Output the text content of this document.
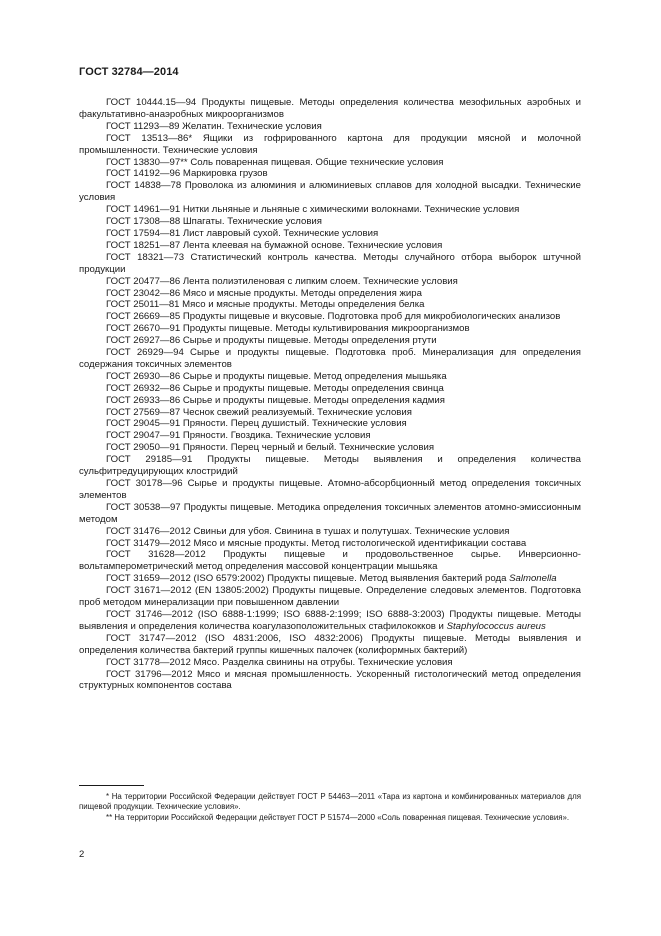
ГОСТ 32784—2014

ГОСТ 10444.15—94 Продукты пищевые. Методы определения количества мезофильных аэробных и факультативно-анаэробных микроорганизмов

ГОСТ 11293—89 Желатин. Технические условия

ГОСТ 13513—86* Ящики из гофрированного картона для продукции мясной и молочной промышленности. Технические условия

ГОСТ 13830—97** Соль поваренная пищевая. Общие технические условия

ГОСТ 14192—96 Маркировка грузов

ГОСТ 14838—78 Проволока из алюминия и алюминиевых сплавов для холодной высадки. Технические условия

ГОСТ 14961—91 Нитки льняные и льняные с химическими волокнами. Технические условия

ГОСТ 17308—88 Шпагаты. Технические условия

ГОСТ 17594—81 Лист лавровый сухой. Технические условия

ГОСТ 18251—87 Лента клеевая на бумажной основе. Технические условия

ГОСТ 18321—73 Статистический контроль качества. Методы случайного отбора выборок штучной продукции

ГОСТ 20477—86 Лента полиэтиленовая с липким слоем. Технические условия

ГОСТ 23042—86 Мясо и мясные продукты. Методы определения жира

ГОСТ 25011—81 Мясо и мясные продукты. Методы определения белка

ГОСТ 26669—85 Продукты пищевые и вкусовые. Подготовка проб для микробиологических анализов

ГОСТ 26670—91 Продукты пищевые. Методы культивирования микроорганизмов

ГОСТ 26927—86 Сырье и продукты пищевые. Методы определения ртути

ГОСТ 26929—94 Сырье и продукты пищевые. Подготовка проб. Минерализация для определения содержания токсичных элементов

ГОСТ 26930—86 Сырье и продукты пищевые. Метод определения мышьяка

ГОСТ 26932—86 Сырье и продукты пищевые. Методы определения свинца

ГОСТ 26933—86 Сырье и продукты пищевые. Методы определения кадмия

ГОСТ 27569—87 Чеснок свежий реализуемый. Технические условия

ГОСТ 29045—91 Пряности. Перец душистый. Технические условия

ГОСТ 29047—91 Пряности. Гвоздика. Технические условия

ГОСТ 29050—91 Пряности. Перец черный и белый. Технические условия

ГОСТ 29185—91 Продукты пищевые. Методы выявления и определения количества сульфитредуцирующих клостридий

ГОСТ 30178—96 Сырье и продукты пищевые. Атомно-абсорбционный метод определения токсичных элементов

ГОСТ 30538—97 Продукты пищевые. Методика определения токсичных элементов атомно-эмиссионным методом

ГОСТ 31476—2012 Свиньи для убоя. Свинина в тушах и полутушах. Технические условия

ГОСТ 31479—2012 Мясо и мясные продукты. Метод гистологической идентификации состава

ГОСТ 31628—2012 Продукты пищевые и продовольственное сырье. Инверсионно-вольтамперометрический метод определения массовой концентрации мышьяка

ГОСТ 31659—2012 (ISO 6579:2002) Продукты пищевые. Метод выявления бактерий рода Salmonella

ГОСТ 31671—2012 (EN 13805:2002) Продукты пищевые. Определение следовых элементов. Подготовка проб методом минерализации при повышенном давлении

ГОСТ 31746—2012 (ISO 6888-1:1999; ISO 6888-2:1999; ISO 6888-3:2003) Продукты пищевые. Методы выявления и определения количества коагулазоположительных стафилококков и Staphylococcus aureus

ГОСТ 31747—2012 (ISO 4831:2006, ISO 4832:2006) Продукты пищевые. Методы выявления и определения количества бактерий группы кишечных палочек (колиформных бактерий)

ГОСТ 31778—2012 Мясо. Разделка свинины на отрубы. Технические условия

ГОСТ 31796—2012 Мясо и мясная промышленность. Ускоренный гистологический метод определения структурных компонентов состава

* На территории Российской Федерации действует ГОСТ Р 54463—2011 «Тара из картона и комбинированных материалов для пищевой продукции. Технические условия».

** На территории Российской Федерации действует ГОСТ Р 51574—2000 «Соль поваренная пищевая. Технические условия».

2
